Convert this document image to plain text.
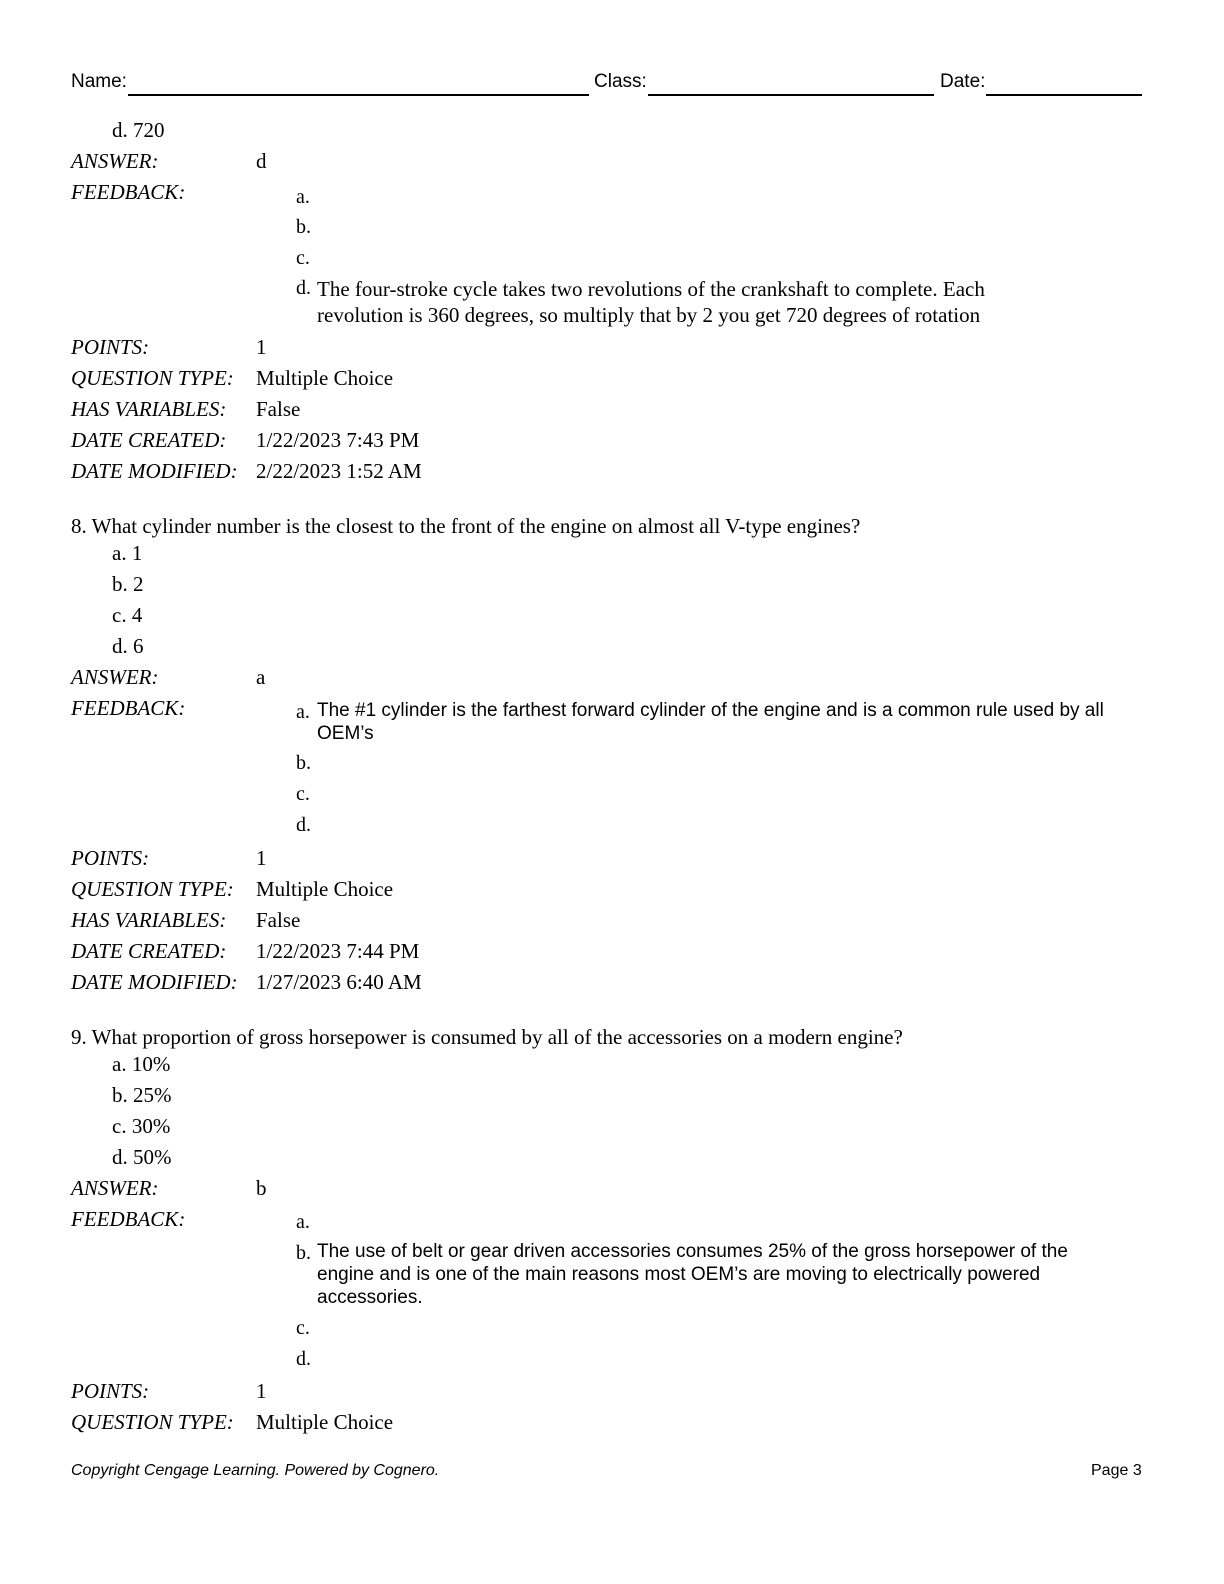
Name:	Class:	Date:
d. 720
ANSWER:	d
FEEDBACK:	a.
b.
c.
d. The four-stroke cycle takes two revolutions of the crankshaft to complete. Each revolution is 360 degrees, so multiply that by 2 you get 720 degrees of rotation
POINTS:	1
QUESTION TYPE: Multiple Choice
HAS VARIABLES: False
DATE CREATED: 1/22/2023 7:43 PM
DATE MODIFIED: 2/22/2023 1:52 AM
8. What cylinder number is the closest to the front of the engine on almost all V-type engines?
a. 1
b. 2
c. 4
d. 6
ANSWER:	a
FEEDBACK:	a. The #1 cylinder is the farthest forward cylinder of the engine and is a common rule used by all OEM’s
b.
c.
d.
POINTS:	1
QUESTION TYPE: Multiple Choice
HAS VARIABLES: False
DATE CREATED: 1/22/2023 7:44 PM
DATE MODIFIED: 1/27/2023 6:40 AM
9. What proportion of gross horsepower is consumed by all of the accessories on a modern engine?
a. 10%
b. 25%
c. 30%
d. 50%
ANSWER:	b
FEEDBACK:	a.
b. The use of belt or gear driven accessories consumes 25% of the gross horsepower of the engine and is one of the main reasons most OEM’s are moving to electrically powered accessories.
c.
d.
POINTS:	1
QUESTION TYPE: Multiple Choice
Copyright Cengage Learning. Powered by Cognero.	Page 3
